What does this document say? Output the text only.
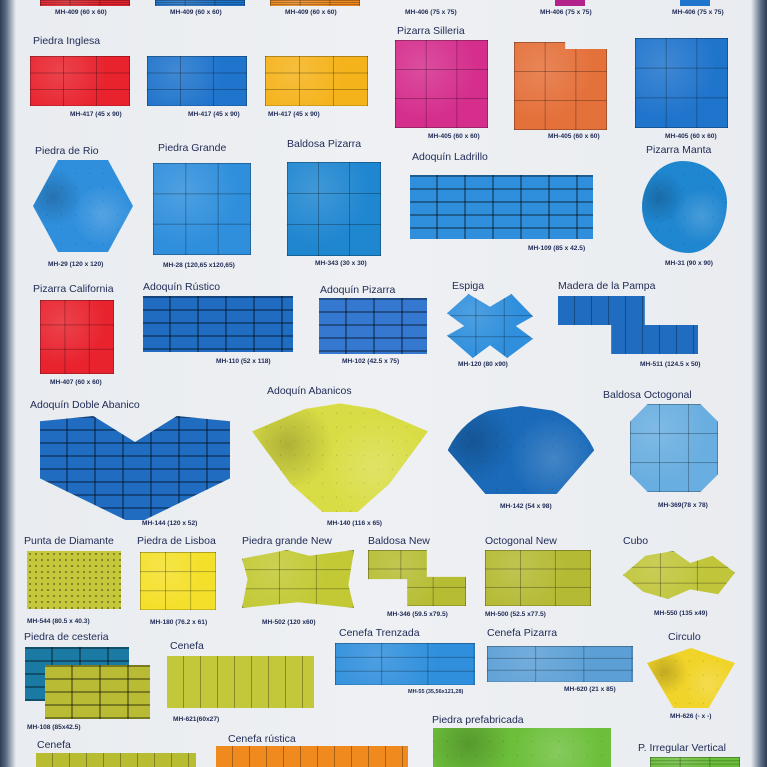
MH-409 (60 x 60)	MH-409 (60 x 60)	MH-409 (60 x 60)	MH-406 (75 x 75)	MH-406 (75 x 75)	MH-406 (75 x 75)
Piedra Inglesa
MH-417 (45 x 90)	MH-417 (45 x 90)	MH-417 (45 x 90)
Pizarra Silleria
MH-405 (60 x 60)	MH-405 (60 x 60)	MH-405 (60 x 60)
Piedra de Rio
MH-29 (120 x 120)
Piedra Grande
MH-28 (120,65 x120,65)
Baldosa Pizarra
MH-343 (30 x 30)
Adoquín Ladrillo
MH-109 (85 x 42.5)
Pizarra Manta
MH-31 (90 x 90)
Pizarra California
MH-407 (60 x 60)
Adoquín Rústico
MH-110 (52 x 118)
Adoquín Pizarra
MH-102 (42.5 x 75)
Espiga
MH-120 (80 x90)
Madera de la Pampa
MH-511 (124.5 x 50)
Adoquín Doble Abanico
MH-144 (120 x 52)
Adoquín Abanicos
MH-140 (116 x 65)
MH-142 (54 x 98)
Baldosa Octogonal
MH-369(78 x 78)
Punta de Diamante
MH-544 (80.5 x 40.3)
Piedra de Lisboa
MH-180 (76.2 x 61)
Piedra grande New
MH-502 (120 x60)
Baldosa New
MH-346 (59.5 x79.5)
Octogonal New
MH-500 (52.5 x77.5)
Cubo
MH-550 (135 x49)
Piedra de cesteria
MH-108 (85x42.5)
Cenefa
MH-621(60x27)
Cenefa Trenzada
MH-55 (35,56x121,28)
Cenefa Pizarra
MH-620 (21 x 85)
Circulo
MH-626 (- x -)
Cenefa	Cenefa rústica
Piedra prefabricada
P. Irregular Vertical
